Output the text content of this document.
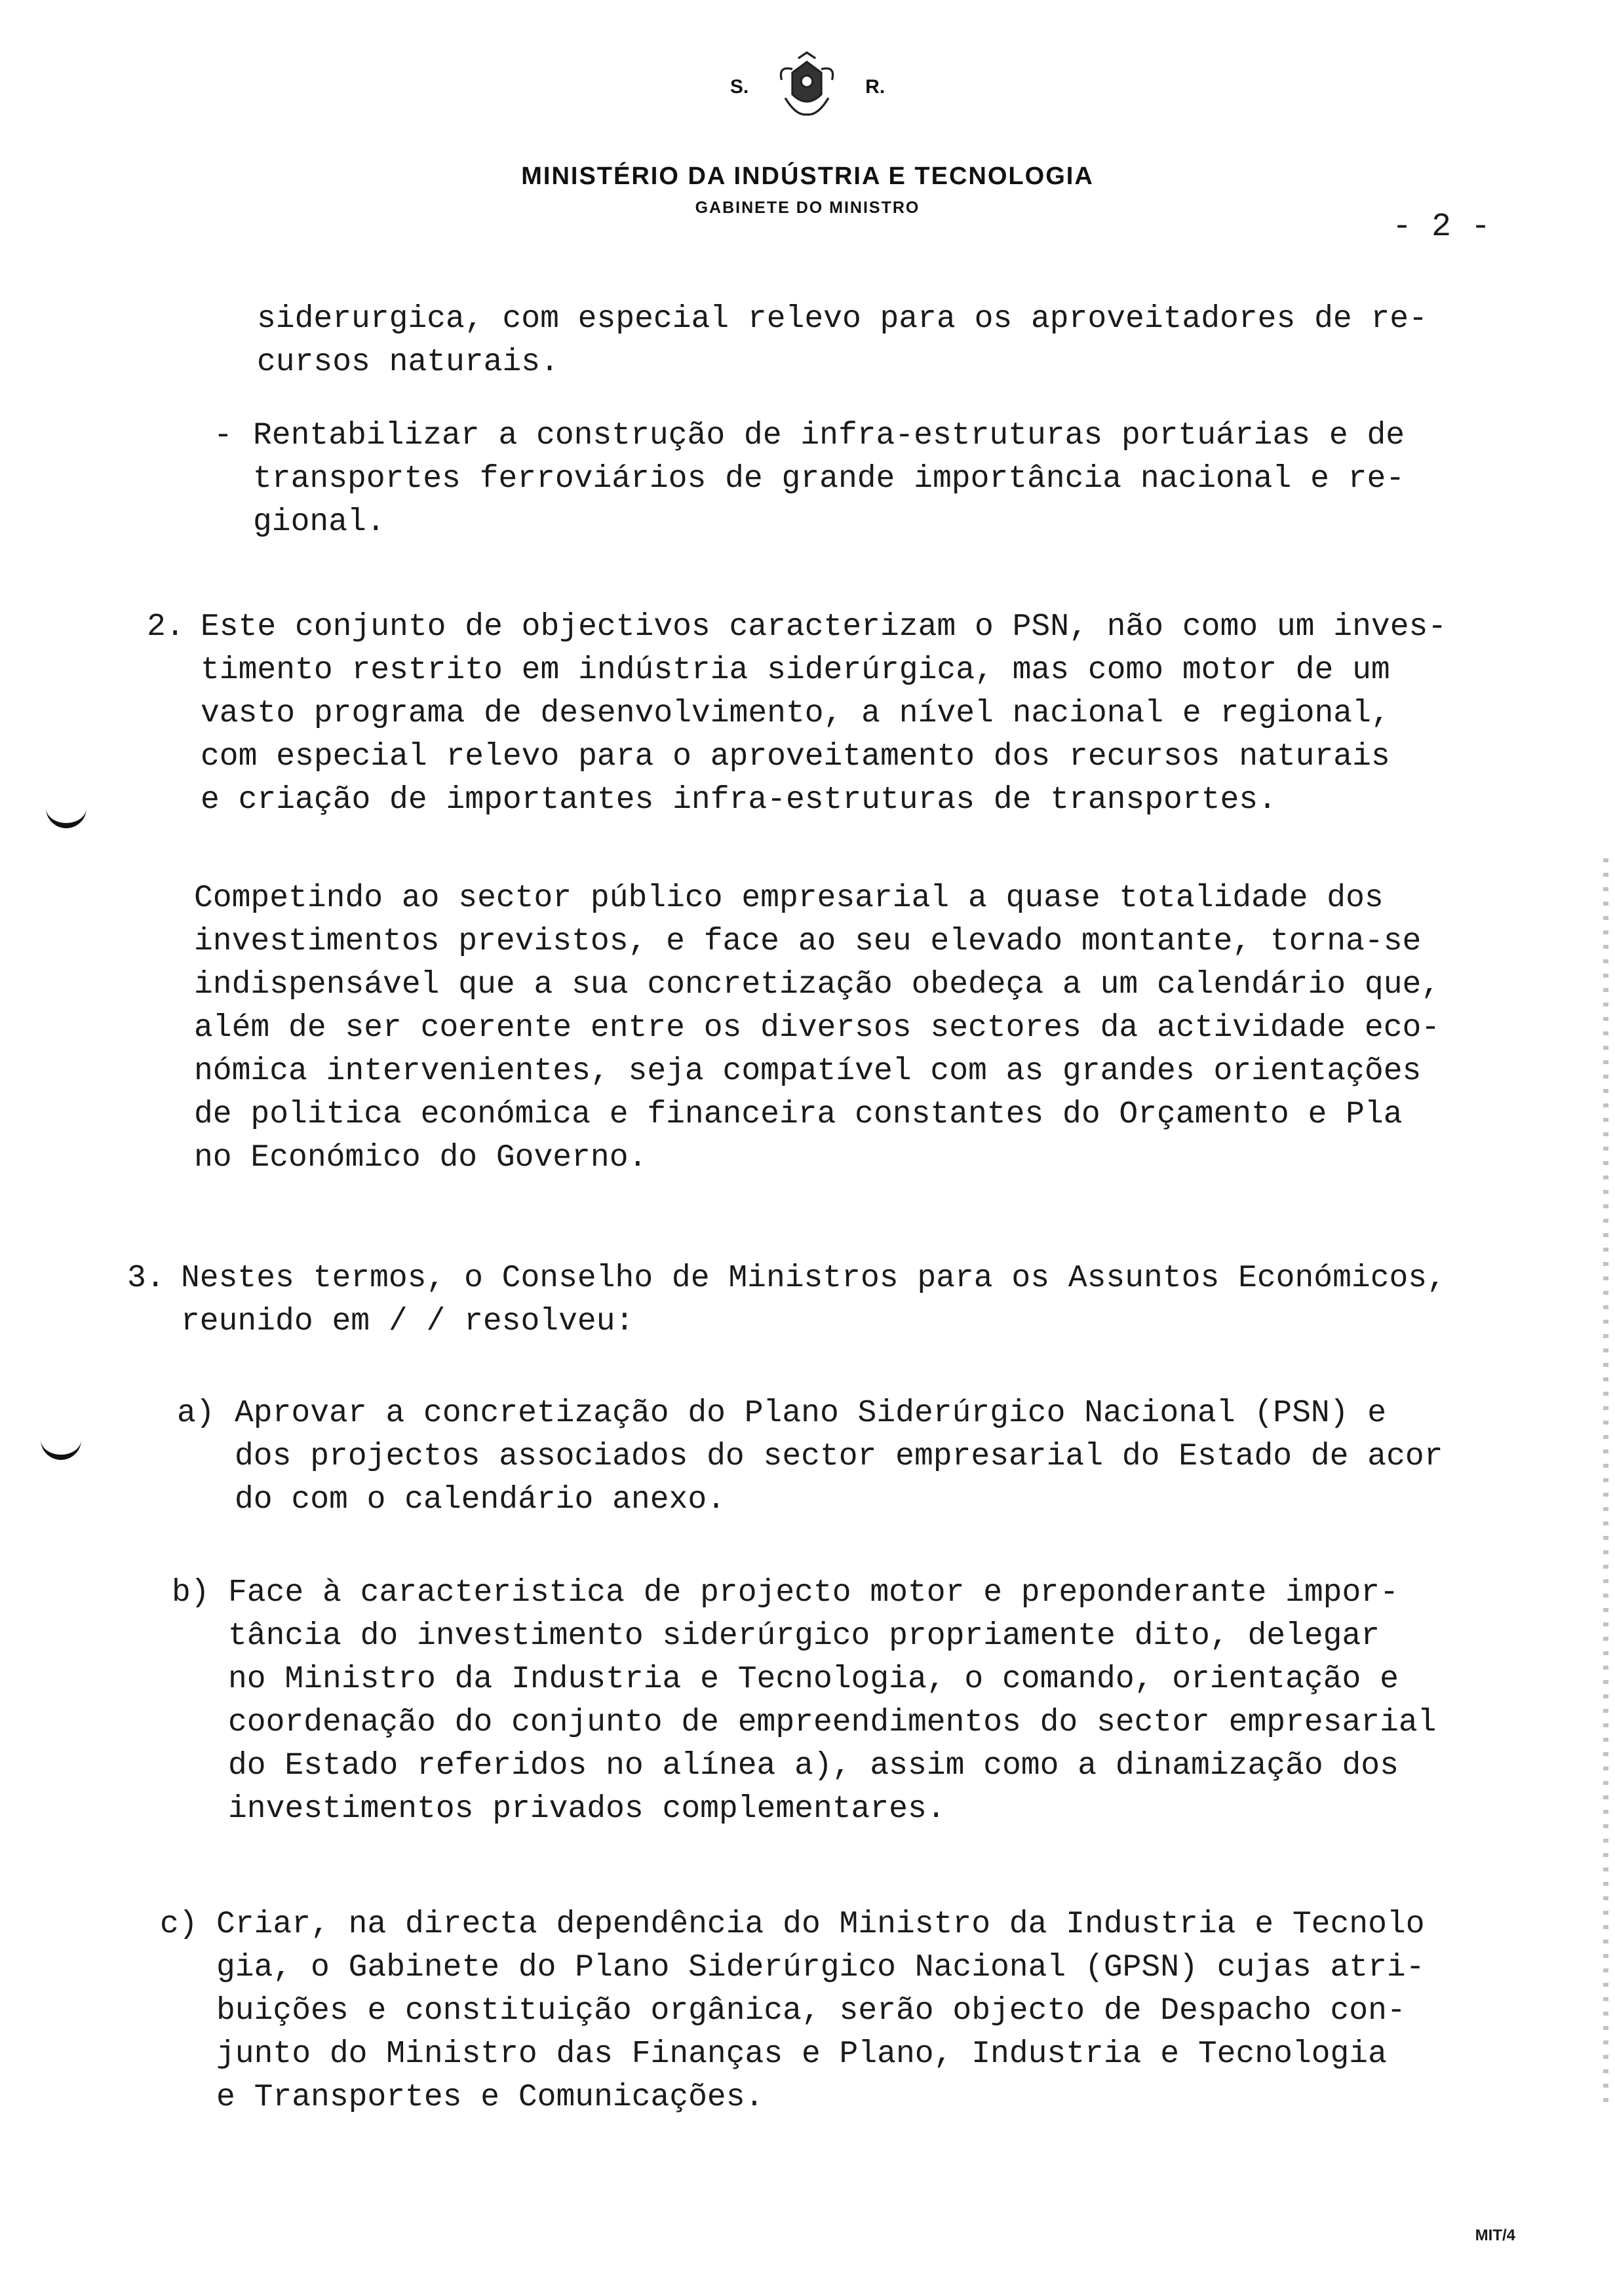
S.	R.
MINISTÉRIO DA INDÚSTRIA E TECNOLOGIA
GABINETE DO MINISTRO
- 2 -
siderurgica, com especial relevo para os aproveitadores de re-
cursos naturais.
- Rentabilizar a construção de infra-estruturas portuárias e de
transportes ferroviários de grande importância nacional e re-
gional.
2. Este conjunto de objectivos caracterizam o PSN, não como um inves-
timento restrito em indústria siderúrgica, mas como motor de um
vasto programa de desenvolvimento, a nível nacional e regional,
com especial relevo para o aproveitamento dos recursos naturais
e criação de importantes infra-estruturas de transportes.
Competindo ao sector público empresarial a quase totalidade dos
investimentos previstos, e face ao seu elevado montante, torna-se
indispensável que a sua concretização obedeça a um calendário que,
além de ser coerente entre os diversos sectores da actividade eco-
nómica intervenientes, seja compatível com as grandes orientações
de politica económica e financeira constantes do Orçamento e Pla
no Económico do Governo.
3. Nestes termos, o Conselho de Ministros para os Assuntos Económicos,
reunido em / / resolveu:
a) Aprovar a concretização do Plano Siderúrgico Nacional (PSN) e
dos projectos associados do sector empresarial do Estado de acor
do com o calendário anexo.
b) Face à caracteristica de projecto motor e preponderante impor-
tância do investimento siderúrgico propriamente dito, delegar
no Ministro da Industria e Tecnologia, o comando, orientação e
coordenação do conjunto de empreendimentos do sector empresarial
do Estado referidos no alínea a), assim como a dinamização dos
investimentos privados complementares.
c) Criar, na directa dependência do Ministro da Industria e Tecnolo
gia, o Gabinete do Plano Siderúrgico Nacional (GPSN) cujas atri-
buições e constituição orgânica, serão objecto de Despacho con-
junto do Ministro das Finanças e Plano, Industria e Tecnologia
e Transportes e Comunicações.
MIT/4
